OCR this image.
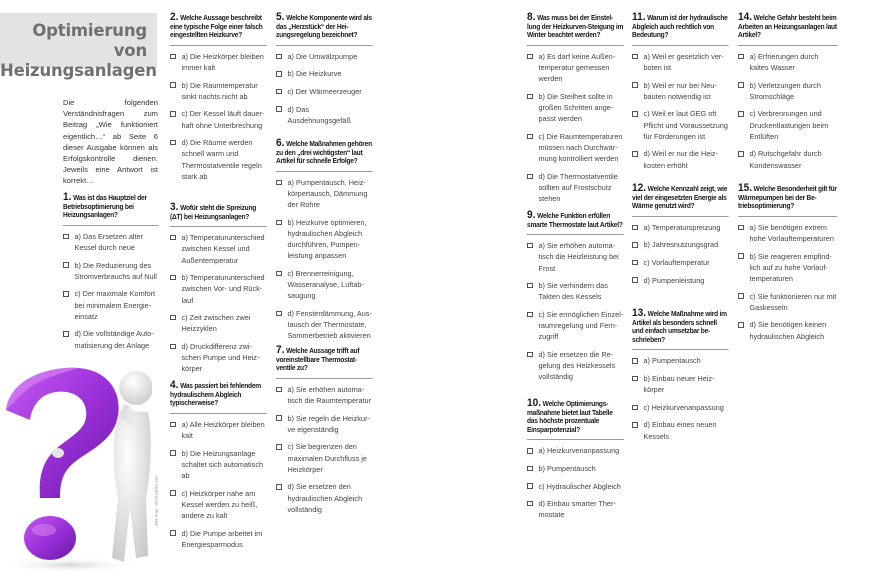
Optimierung von
Heizungsanlagen

Die folgenden Verständnisfragen zum Beitrag „Wie funktioniert eigentlich…“ ab Seite 6 dieser Ausgabe können als Erfolgskontrolle dienen. Jeweils eine Antwort ist korrekt…

Bild: Anja - stock.adobe.com
1. Was ist das Hauptziel der Betriebsoptimierung bei Heizungsanlagen?
a) Das Ersetzen alter Kessel durch neue
b) Die Reduzierung des Stromverbrauchs auf Null
c) Der maximale Komfort bei minimalem Energieeinsatz
d) Die vollständige Automatisierung der Anlage
2. Welche Aussage beschreibt eine typische Folge einer falsch eingestellten Heizkurve?
a) Die Heizkörper bleiben immer kalt
b) Die Raumtemperatur sinkt nachts nicht ab
c) Der Kessel läuft dauerhaft ohne Unterbrechung
d) Die Räume werden schnell warm und Thermostatventile regeln stark ab
3. Wofür steht die Spreizung (ΔT) bei Heizungsanlagen?
a) Temperaturunterschied zwischen Kessel und Außentemperatur
b) Temperaturunterschied zwischen Vor- und Rücklauf
c) Zeit zwischen zwei Heizzyklen
d) Druckdifferenz zwischen Pumpe und Heizkörper
4. Was passiert bei fehlendem hydraulischem Abgleich typischerweise?
a) Alle Heizkörper bleiben kalt
b) Die Heizungsanlage schaltet sich automatisch ab
c) Heizkörper nahe am Kessel werden zu heiß, andere zu kalt
d) Die Pumpe arbeitet im Energiesparmodus
5. Welche Komponente wird als das „Herzstück“ der Heizungsregelung bezeichnet?
a) Die Umwälzpumpe
b) Die Heizkurve
c) Der Wärmeerzeuger
d) Das Ausdehnungsgefäß
6. Welche Maßnahmen gehören zu den „drei wichtigsten“ laut Artikel für schnelle Erfolge?
a) Pumpentausch, Heizkörpertausch, Dämmung der Rohre
b) Heizkurve optimieren, hydraulischen Abgleich durchführen, Pumpenleistung anpassen
c) Brennerreinigung, Wasseranalyse, Luftabsaugung
d) Fensterdämmung, Austausch der Thermostate, Sommerbetrieb aktivieren
7. Welche Aussage trifft auf voreinstellbare Thermostatventile zu?
a) Sie erhöhen automatisch die Raumtemperatur
b) Sie regeln die Heizkurve eigenständig
c) Sie begrenzen den maximalen Durchfluss je Heizkörper
d) Sie ersetzen den hydraulischen Abgleich vollständig
8. Was muss bei der Einstellung der Heizkurven-Steigung im Winter beachtet werden?
a) Es darf keine Außentemperatur gemessen werden
b) Die Steilheit sollte in großen Schritten angepasst werden
c) Die Raumtemperaturen müssen nach Durchwärmung kontrolliert werden
d) Die Thermostatventile sollten auf Frostschutz stehen
9. Welche Funktion erfüllen smarte Thermostate laut Artikel?
a) Sie erhöhen automatisch die Heizleistung bei Frost
b) Sie verhindern das Takten des Kessels
c) Sie ermöglichen Einzelraumregelung und Fernzugriff
d) Sie ersetzen die Regelung des Heizkessels vollständig
10. Welche Optimierungsmaßnahme bietet laut Tabelle das höchste prozentuale Einsparpotenzial?
a) Heizkurvenanpassung
b) Pumpentausch
c) Hydraulischer Abgleich
d) Einbau smarter Thermostate
11. Warum ist der hydraulische Abgleich auch rechtlich von Bedeutung?
a) Weil er gesetzlich verboten ist
b) Weil er nur bei Neubauten notwendig ist
c) Weil er laut GEG oft Pflicht und Voraussetzung für Förderungen ist
d) Weil er nur die Heizkosten erhöht
12. Welche Kennzahl zeigt, wie viel der eingesetzten Energie als Wärme genutzt wird?
a) Temperaturspreizung
b) Jahresnutzungsgrad
c) Vorlauftemperatur
d) Pumpenleistung
13. Welche Maßnahme wird im Artikel als besonders schnell und einfach umsetzbar beschrieben?
a) Pumpentausch
b) Einbau neuer Heizkörper
c) Heizkurvenanpassung
d) Einbau eines neuen Kessels
14. Welche Gefahr besteht beim Arbeiten an Heizungsanlagen laut Artikel?
a) Erfrierungen durch kaltes Wasser
b) Verletzungen durch Stromschläge
c) Verbrennungen und Druckentlastungen beim Entlüften
d) Rutschgefahr durch Kondenswasser
15. Welche Besonderheit gilt für Wärmepumpen bei der Betriebsoptimierung?
a) Sie benötigen extrem hohe Vorlauftemperaturen
b) Sie reagieren empfindlich auf zu hohe Vorlauftemperaturen
c) Sie funktionieren nur mit Gaskesseln
d) Sie benötigen keinen hydraulischen Abgleich
